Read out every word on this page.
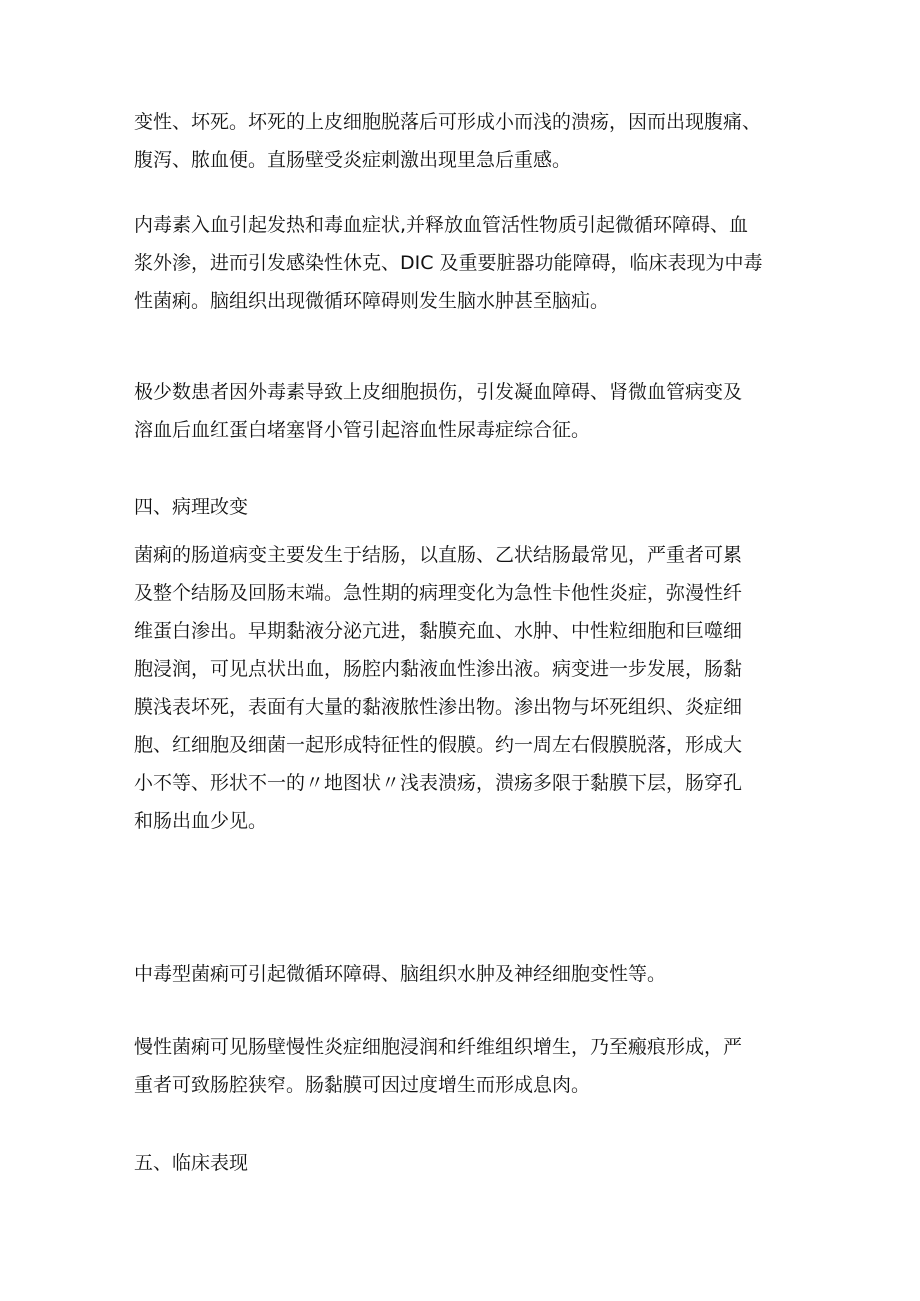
变性、坏死。坏死的上皮细胞脱落后可形成小而浅的溃疡，因而出现腹痛、
腹泻、脓血便。直肠壁受炎症刺激出现里急后重感。
内毒素入血引起发热和毒血症状,并释放血管活性物质引起微循环障碍、血
浆外渗，进而引发感染性休克、DIC 及重要脏器功能障碍，临床表现为中毒
性菌痢。脑组织出现微循环障碍则发生脑水肿甚至脑疝。
极少数患者因外毒素导致上皮细胞损伤，引发凝血障碍、肾微血管病变及
溶血后血红蛋白堵塞肾小管引起溶血性尿毒症综合征。
四、病理改变
菌痢的肠道病变主要发生于结肠，以直肠、乙状结肠最常见，严重者可累
及整个结肠及回肠末端。急性期的病理变化为急性卡他性炎症，弥漫性纤
维蛋白渗出。早期黏液分泌亢进，黏膜充血、水肿、中性粒细胞和巨噬细
胞浸润，可见点状出血，肠腔内黏液血性渗出液。病变进一步发展，肠黏
膜浅表坏死，表面有大量的黏液脓性渗出物。渗出物与坏死组织、炎症细
胞、红细胞及细菌一起形成特征性的假膜。约一周左右假膜脱落，形成大
小不等、形状不一的〃地图状〃浅表溃疡，溃疡多限于黏膜下层，肠穿孔
和肠出血少见。
中毒型菌痢可引起微循环障碍、脑组织水肿及神经细胞变性等。
慢性菌痢可见肠壁慢性炎症细胞浸润和纤维组织增生，乃至瘢痕形成，严
重者可致肠腔狭窄。肠黏膜可因过度增生而形成息肉。
五、临床表现
